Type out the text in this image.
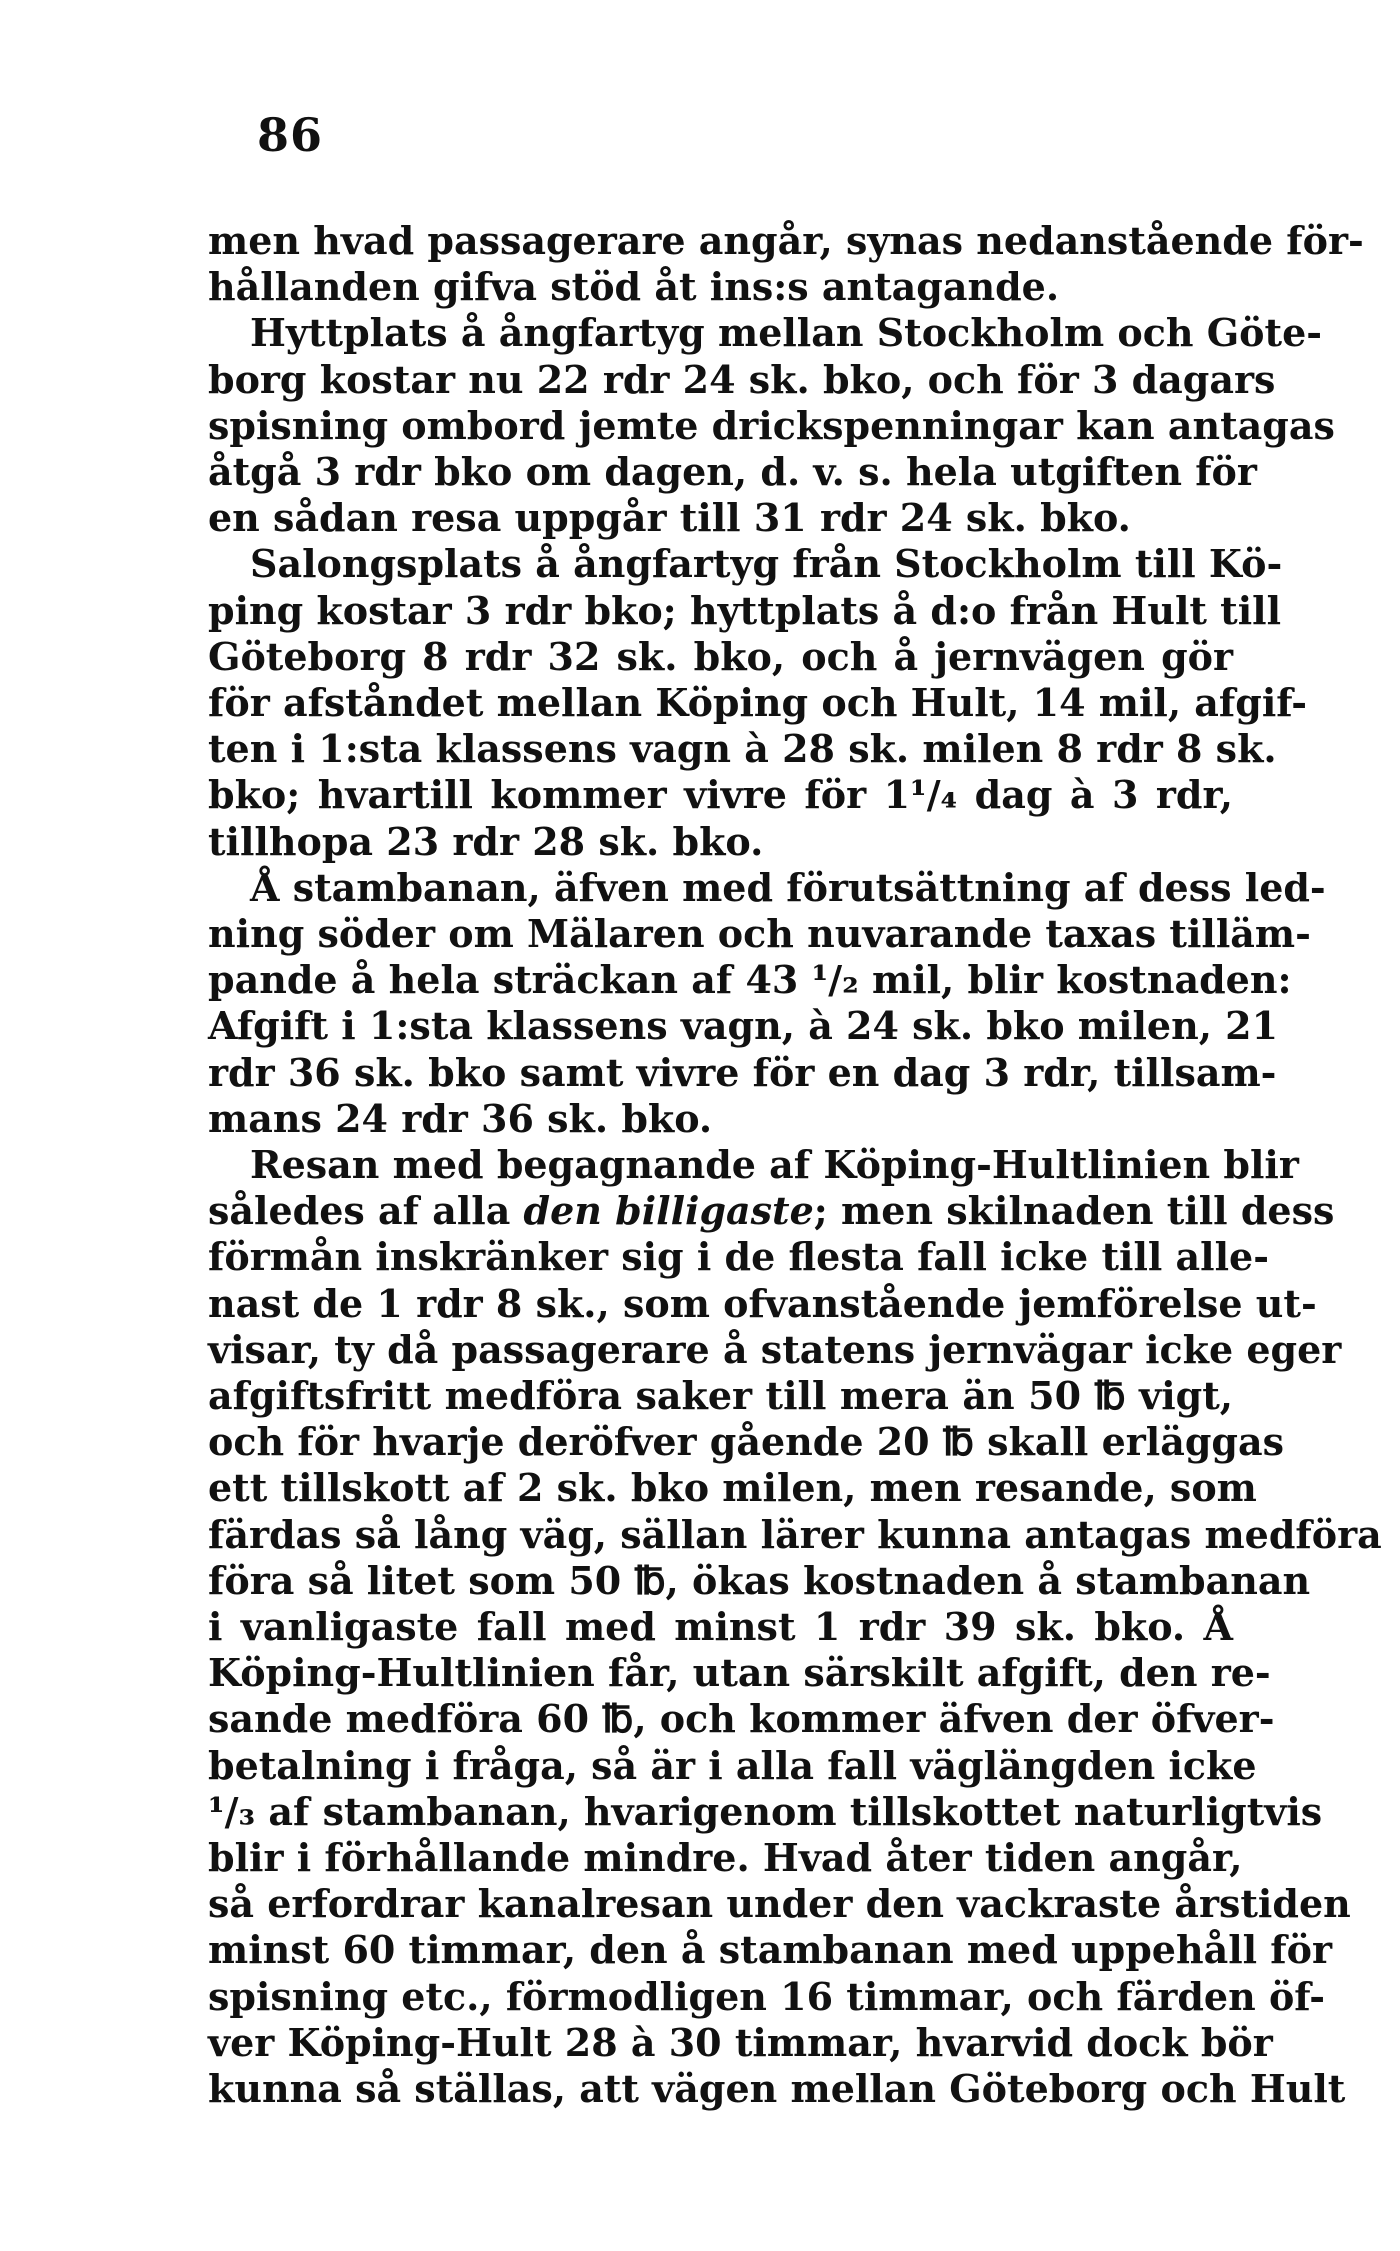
86
men hvad passagerare angår, synas nedanstående för-
hållanden gifva stöd åt ins:s antagande.
Hyttplats å ångfartyg mellan Stockholm och Göte-
borg kostar nu 22 rdr 24 sk. bko, och för 3 dagars
spisning ombord jemte drickspenningar kan antagas
åtgå 3 rdr bko om dagen, d. v. s. hela utgiften för
en sådan resa uppgår till 31 rdr 24 sk. bko.
Salongsplats å ångfartyg från Stockholm till Kö-
ping kostar 3 rdr bko; hyttplats å d:o från Hult till
Göteborg 8 rdr 32 sk. bko, och å jernvägen gör
för afståndet mellan Köping och Hult, 14 mil, afgif-
ten i 1:sta klassens vagn à 28 sk. milen 8 rdr 8 sk.
bko; hvartill kommer vivre för 1¹/₄ dag à 3 rdr,
tillhopa 23 rdr 28 sk. bko.
Å stambanan, äfven med förutsättning af dess led-
ning söder om Mälaren och nuvarande taxas tilläm-
pande å hela sträckan af 43 ¹/₂ mil, blir kostnaden:
Afgift i 1:sta klassens vagn, à 24 sk. bko milen, 21
rdr 36 sk. bko samt vivre för en dag 3 rdr, tillsam-
mans 24 rdr 36 sk. bko.
Resan med begagnande af Köping-Hultlinien blir
således af alla den billigaste; men skilnaden till dess
förmån inskränker sig i de flesta fall icke till alle-
nast de 1 rdr 8 sk., som ofvanstående jemförelse ut-
visar, ty då passagerare å statens jernvägar icke eger
afgiftsfritt medföra saker till mera än 50 ℔ vigt,
och för hvarje deröfver gående 20 ℔ skall erläggas
ett tillskott af 2 sk. bko milen, men resande, som
färdas så lång väg, sällan lärer kunna antagas medföra
föra så litet som 50 ℔, ökas kostnaden å stambanan
i vanligaste fall med minst 1 rdr 39 sk. bko. Å
Köping-Hultlinien får, utan särskilt afgift, den re-
sande medföra 60 ℔, och kommer äfven der öfver-
betalning i fråga, så är i alla fall väglängden icke
¹/₃ af stambanan, hvarigenom tillskottet naturligtvis
blir i förhållande mindre. Hvad åter tiden angår,
så erfordrar kanalresan under den vackraste årstiden
minst 60 timmar, den å stambanan med uppehåll för
spisning etc., förmodligen 16 timmar, och färden öf-
ver Köping-Hult 28 à 30 timmar, hvarvid dock bör
kunna så ställas, att vägen mellan Göteborg och Hult
